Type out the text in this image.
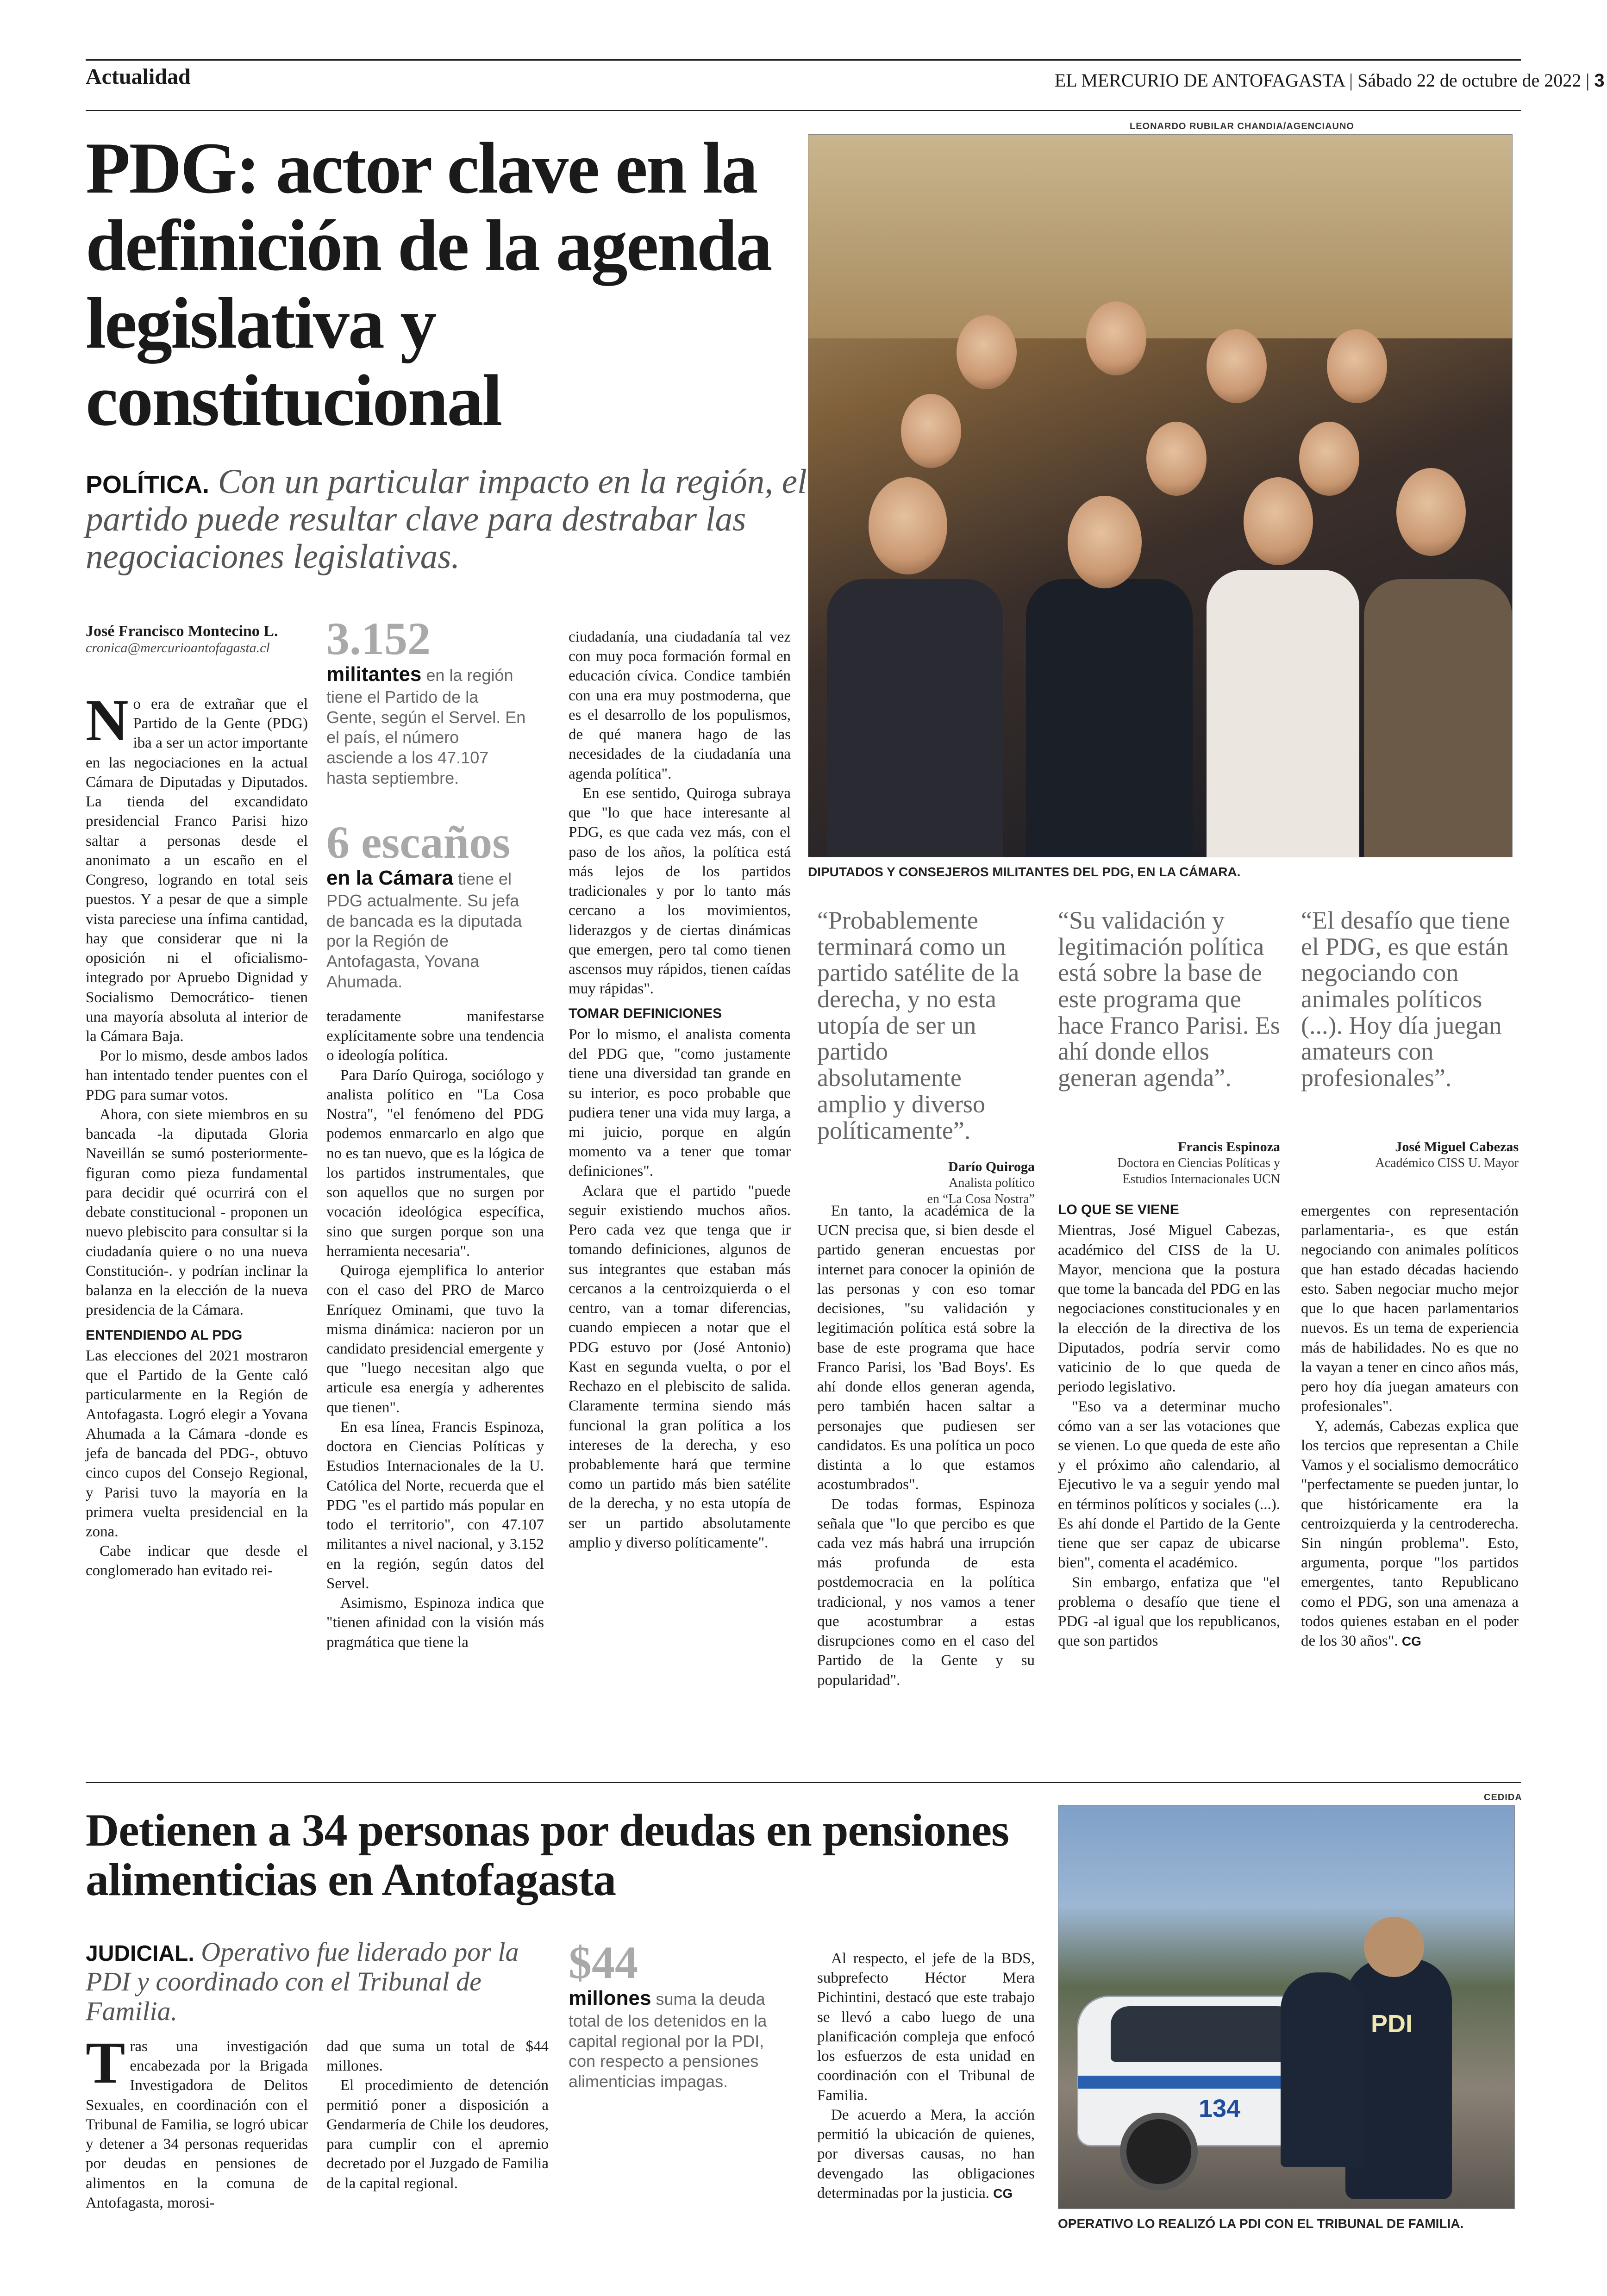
Actualidad	EL MERCURIO DE ANTOFAGASTA | Sábado 22 de octubre de 2022 | 3
PDG: actor clave en la definición de la agenda legislativa y constitucional
POLÍTICA. Con un particular impacto en la región, el partido puede resultar clave para destrabar las negociaciones legislativas.
LEONARDO RUBILAR CHANDIA/AGENCIAUNO
DIPUTADOS Y CONSEJEROS MILITANTES DEL PDG, EN LA CÁMARA.
José Francisco Montecino L.
cronica@mercurioantofagasta.cl

No era de extrañar que el Partido de la Gente (PDG) iba a ser un actor importante en las negociaciones en la actual Cámara de Diputadas y Diputados. La tienda del excandidato presidencial Franco Parisi hizo saltar a personas desde el anonimato a un escaño en el Congreso, logrando en total seis puestos. Y a pesar de que a simple vista pareciese una ínfima cantidad, hay que considerar que ni la oposición ni el oficialismo-integrado por Apruebo Dignidad y Socialismo Democrático- tienen una mayoría absoluta al interior de la Cámara Baja.

Por lo mismo, desde ambos lados han intentado tender puentes con el PDG para sumar votos.

Ahora, con siete miembros en su bancada -la diputada Gloria Naveillán se sumó posteriormente- figuran como pieza fundamental para decidir qué ocurrirá con el debate constitucional - proponen un nuevo plebiscito para consultar si la ciudadanía quiere o no una nueva Constitución-. y podrían inclinar la balanza en la elección de la nueva presidencia de la Cámara.

ENTENDIENDO AL PDG

Las elecciones del 2021 mostraron que el Partido de la Gente caló particularmente en la Región de Antofagasta. Logró elegir a Yovana Ahumada a la Cámara -donde es jefa de bancada del PDG-, obtuvo cinco cupos del Consejo Regional, y Parisi tuvo la mayoría en la primera vuelta presidencial en la zona.

Cabe indicar que desde el conglomerado han evitado rei-

3.152
militantes en la región tiene el Partido de la Gente, según el Servel. En el país, el número asciende a los 47.107 hasta septiembre.
6 escaños
en la Cámara tiene el PDG actualmente. Su jefa de bancada es la diputada por la Región de Antofagasta, Yovana Ahumada.

teradamente manifestarse explícitamente sobre una tendencia o ideología política.

Para Darío Quiroga, sociólogo y analista político en "La Cosa Nostra", "el fenómeno del PDG podemos enmarcarlo en algo que no es tan nuevo, que es la lógica de los partidos instrumentales, que son aquellos que no surgen por vocación ideológica específica, sino que surgen porque son una herramienta necesaria".

Quiroga ejemplifica lo anterior con el caso del PRO de Marco Enríquez Ominami, que tuvo la misma dinámica: nacieron por un candidato presidencial emergente y que "luego necesitan algo que articule esa energía y adherentes que tienen".

En esa línea, Francis Espinoza, doctora en Ciencias Políticas y Estudios Internacionales de la U. Católica del Norte, recuerda que el PDG "es el partido más popular en todo el territorio", con 47.107 militantes a nivel nacional, y 3.152 en la región, según datos del Servel.

Asimismo, Espinoza indica que "tienen afinidad con la visión más pragmática que tiene la

ciudadanía, una ciudadanía tal vez con muy poca formación formal en educación cívica. Condice también con una era muy postmoderna, que es el desarrollo de los populismos, de qué manera hago de las necesidades de la ciudadanía una agenda política".

En ese sentido, Quiroga subraya que "lo que hace interesante al PDG, es que cada vez más, con el paso de los años, la política está más lejos de los partidos tradicionales y por lo tanto más cercano a los movimientos, liderazgos y de ciertas dinámicas que emergen, pero tal como tienen ascensos muy rápidos, tienen caídas muy rápidas".

TOMAR DEFINICIONES

Por lo mismo, el analista comenta del PDG que, "como justamente tiene una diversidad tan grande en su interior, es poco probable que pudiera tener una vida muy larga, a mi juicio, porque en algún momento va a tener que tomar definiciones".

Aclara que el partido "puede seguir existiendo muchos años. Pero cada vez que tenga que ir tomando definiciones, algunos de sus integrantes que estaban más cercanos a la centroizquierda o el centro, van a tomar diferencias, cuando empiecen a notar que el PDG estuvo por (José Antonio) Kast en segunda vuelta, o por el Rechazo en el plebiscito de salida. Claramente termina siendo más funcional la gran política a los intereses de la derecha, y eso probablemente hará que termine como un partido más bien satélite de la derecha, y no esta utopía de ser un partido absolutamente amplio y diverso políticamente".

“Probablemente terminará como un partido satélite de la derecha, y no esta utopía de ser un partido absolutamente amplio y diverso políticamente”.
Darío Quiroga
Analista político
en “La Cosa Nostra”
“Su validación y legitimación política está sobre la base de este programa que hace Franco Parisi. Es ahí donde ellos generan agenda”.
Francis Espinoza
Doctora en Ciencias Políticas y
Estudios Internacionales UCN
“El desafío que tiene el PDG, es que están negociando con animales políticos (...). Hoy día juegan amateurs con profesionales”.
José Miguel Cabezas
Académico CISS U. Mayor

En tanto, la académica de la UCN precisa que, si bien desde el partido generan encuestas por internet para conocer la opinión de las personas y con eso tomar decisiones, "su validación y legitimación política está sobre la base de este programa que hace Franco Parisi, los 'Bad Boys'. Es ahí donde ellos generan agenda, pero también hacen saltar a personajes que pudiesen ser candidatos. Es una política un poco distinta a lo que estamos acostumbrados".

De todas formas, Espinoza señala que "lo que percibo es que cada vez más habrá una irrupción más profunda de esta postdemocracia en la política tradicional, y nos vamos a tener que acostumbrar a estas disrupciones como en el caso del Partido de la Gente y su popularidad".

LO QUE SE VIENE

Mientras, José Miguel Cabezas, académico del CISS de la U. Mayor, menciona que la postura que tome la bancada del PDG en las negociaciones constitucionales y en la elección de la directiva de los Diputados, podría servir como vaticinio de lo que queda de periodo legislativo.

"Eso va a determinar mucho cómo van a ser las votaciones que se vienen. Lo que queda de este año y el próximo año calendario, al Ejecutivo le va a seguir yendo mal en términos políticos y sociales (...). Es ahí donde el Partido de la Gente tiene que ser capaz de ubicarse bien", comenta el académico.

Sin embargo, enfatiza que "el problema o desafío que tiene el PDG -al igual que los republicanos, que son partidos

emergentes con representación parlamentaria-, es que están negociando con animales políticos que han estado décadas haciendo esto. Saben negociar mucho mejor que lo que hacen parlamentarios nuevos. Es un tema de experiencia más de habilidades. No es que no la vayan a tener en cinco años más, pero hoy día juegan amateurs con profesionales".

Y, además, Cabezas explica que los tercios que representan a Chile Vamos y el socialismo democrático "perfectamente se pueden juntar, lo que históricamente era la centroizquierda y la centroderecha. Sin ningún problema". Esto, argumenta, porque "los partidos emergentes, tanto Republicano como el PDG, son una amenaza a todos quienes estaban en el poder de los 30 años". CG

Detienen a 34 personas por deudas en pensiones alimenticias en Antofagasta
JUDICIAL. Operativo fue liderado por la PDI y coordinado con el Tribunal de Familia.

Tras una investigación encabezada por la Brigada Investigadora de Delitos Sexuales, en coordinación con el Tribunal de Familia, se logró ubicar y detener a 34 personas requeridas por deudas en pensiones de alimentos en la comuna de Antofagasta, morosi-

dad que suma un total de $44 millones.

El procedimiento de detención permitió poner a disposición a Gendarmería de Chile los deudores, para cumplir con el apremio decretado por el Juzgado de Familia de la capital regional.

$44
millones suma la deuda total de los detenidos en la capital regional por la PDI, con respecto a pensiones alimenticias impagas.

Al respecto, el jefe de la BDS, subprefecto Héctor Mera Pichintini, destacó que este trabajo se llevó a cabo luego de una planificación compleja que enfocó los esfuerzos de esta unidad en coordinación con el Tribunal de Familia.

De acuerdo a Mera, la acción permitió la ubicación de quienes, por diversas causas, no han devengado las obligaciones determinadas por la justicia. CG

CEDIDA
134
PDI
OPERATIVO LO REALIZÓ LA PDI CON EL TRIBUNAL DE FAMILIA.
